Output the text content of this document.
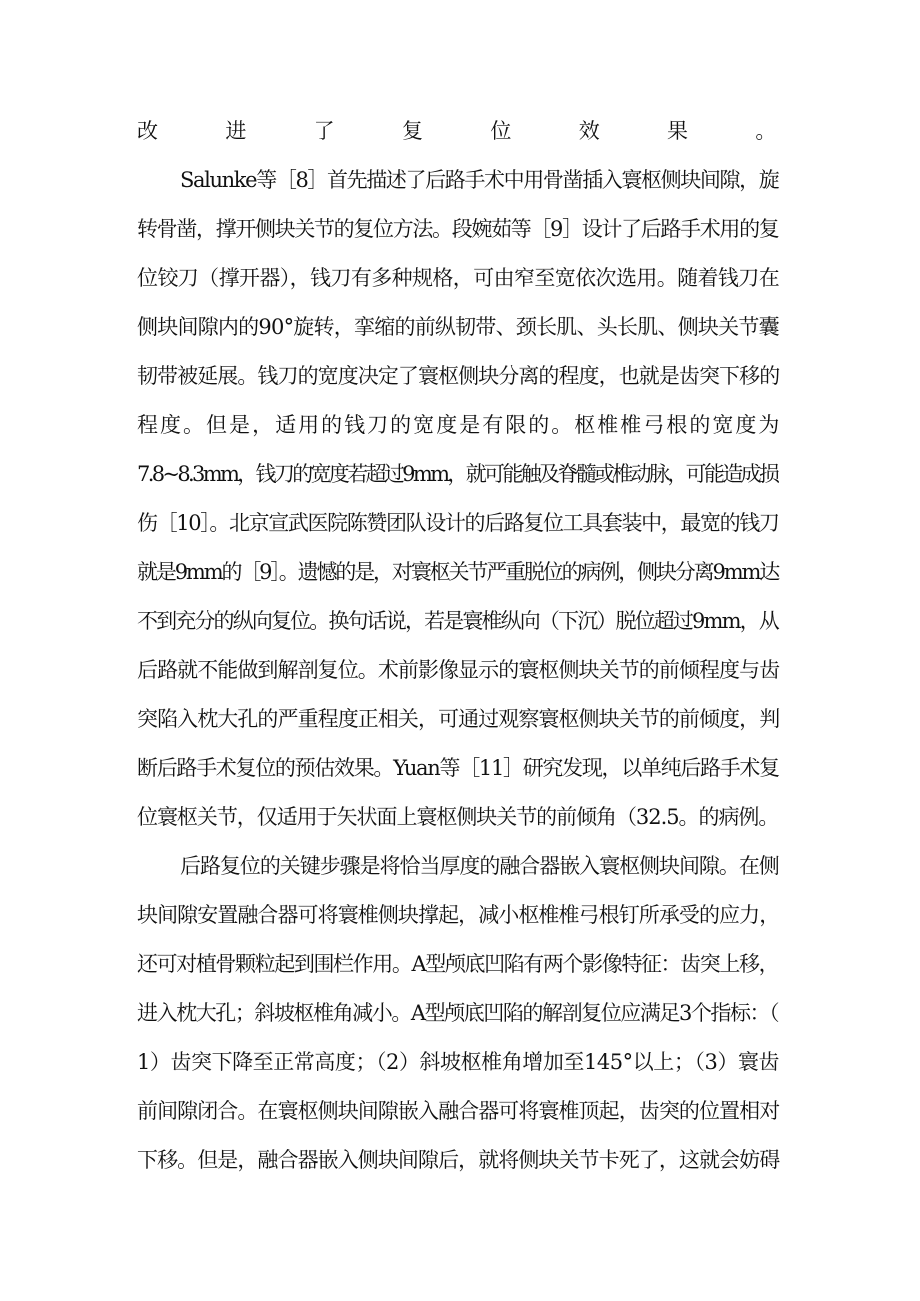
改进了复位效果。
Salunke等［8］首先描述了后路手术中用骨凿插入寰枢侧块间隙，旋
转骨凿，撑开侧块关节的复位方法。段婉茹等［9］设计了后路手术用的复
位铰刀（撑开器），钱刀有多种规格，可由窄至宽依次选用。随着钱刀在
侧块间隙内的90°旋转，挛缩的前纵韧带、颈长肌、头长肌、侧块关节囊
韧带被延展。钱刀的宽度决定了寰枢侧块分离的程度，也就是齿突下移的
程度。但是，适用的钱刀的宽度是有限的。枢椎椎弓根的宽度为
7.8~8.3mm，钱刀的宽度若超过9mm，就可能触及脊髓或椎动脉，可能造成损
伤［10］。北京宣武医院陈赞团队设计的后路复位工具套装中，最宽的钱刀
就是9mm的［9］。遗憾的是，对寰枢关节严重脱位的病例，侧块分离9mm达
不到充分的纵向复位。换句话说，若是寰椎纵向（下沉）脱位超过9mm，从
后路就不能做到解剖复位。术前影像显示的寰枢侧块关节的前倾程度与齿
突陷入枕大孔的严重程度正相关，可通过观察寰枢侧块关节的前倾度，判
断后路手术复位的预估效果。Yuan等［11］研究发现，以单纯后路手术复
位寰枢关节，仅适用于矢状面上寰枢侧块关节的前倾角（32.5。的病例。
后路复位的关键步骤是将恰当厚度的融合器嵌入寰枢侧块间隙。在侧
块间隙安置融合器可将寰椎侧块撑起，减小枢椎椎弓根钉所承受的应力，
还可对植骨颗粒起到围栏作用。A型颅底凹陷有两个影像特征：齿突上移，
进入枕大孔；斜坡枢椎角减小。A型颅底凹陷的解剖复位应满足3个指标：（
1）齿突下降至正常高度；（2）斜坡枢椎角增加至145°以上；（3）寰齿
前间隙闭合。在寰枢侧块间隙嵌入融合器可将寰椎顶起，齿突的位置相对
下移。但是，融合器嵌入侧块间隙后，就将侧块关节卡死了，这就会妨碍
